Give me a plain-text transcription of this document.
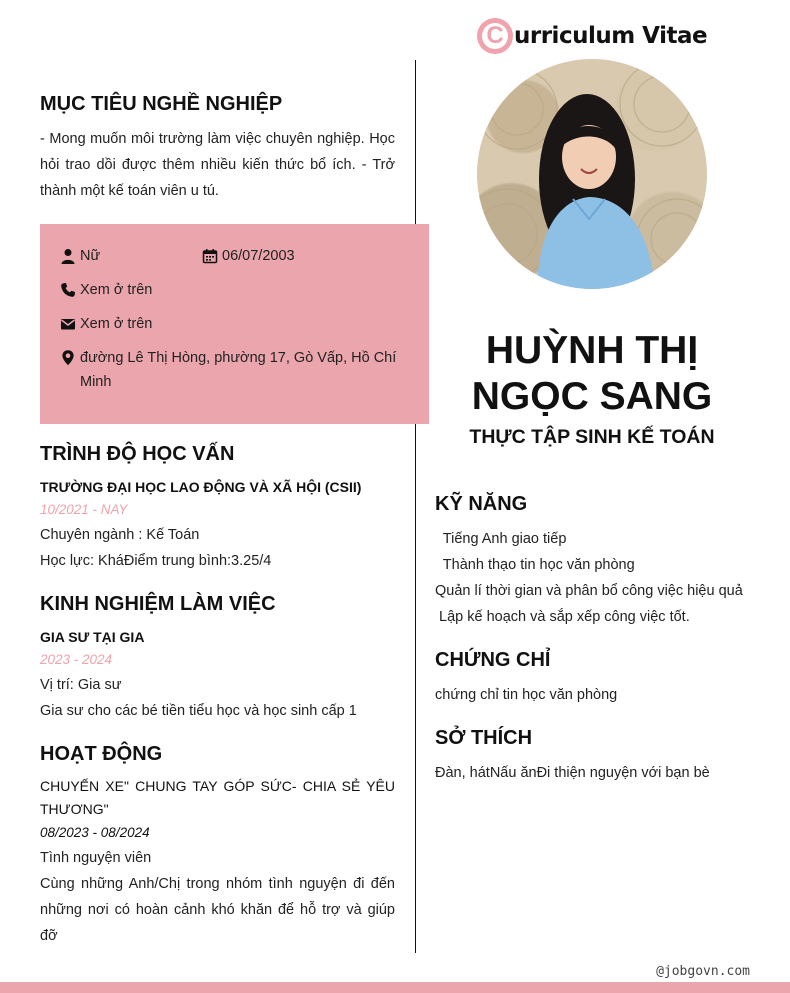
C urriculum Vitae
MỤC TIÊU NGHỀ NGHIỆP
- Mong muốn môi trường làm việc chuyên nghiệp. Học hỏi trao dồi được thêm nhiều kiến thức bổ ích. - Trở thành một kế toán viên u tú.
Nữ	06/07/2003
Xem ở trên
Xem ở trên
đường Lê Thị Hòng, phường 17, Gò Vấp, Hồ Chí Minh
TRÌNH ĐỘ HỌC VẤN
TRƯỜNG ĐẠI HỌC LAO ĐỘNG VÀ XÃ HỘI (CSII)
10/2021 - NAY
Chuyên ngành : Kế Toán
Học lực: KháĐiểm trung bình:3.25/4
KINH NGHIỆM LÀM VIỆC
GIA SƯ TẠI GIA
2023 - 2024
Vị trí: Gia sư
Gia sư cho các bé tiền tiểu học và học sinh cấp 1
HOẠT ĐỘNG
CHUYẾN XE" CHUNG TAY GÓP SỨC- CHIA SẺ YÊU THƯƠNG"
08/2023 - 08/2024
Tình nguyện viên
Cùng những Anh/Chị trong nhóm tình nguyện đi đến những nơi có hoàn cảnh khó khăn để hỗ trợ và giúp đỡ
HUỲNH THỊ
NGỌC SANG
THỰC TẬP SINH KẾ TOÁN
KỸ NĂNG
Tiếng Anh giao tiếp
Thành thạo tin học văn phòng
Quản lí thời gian và phân bổ công việc hiệu quả
Lập kế hoạch và sắp xếp công việc tốt.
CHỨNG CHỈ
chứng chỉ tin học văn phòng
SỞ THÍCH
Đàn, hátNấu ănĐi thiện nguyện với bạn bè
@jobgovn.com
